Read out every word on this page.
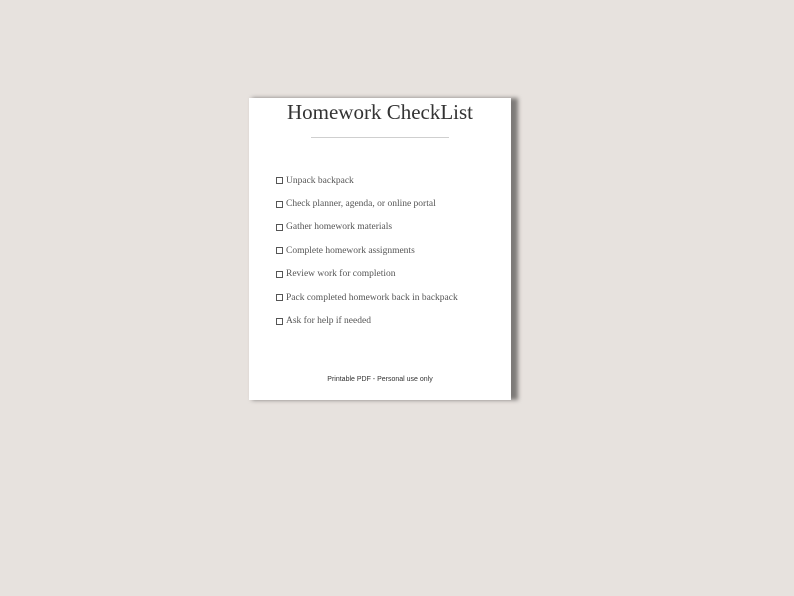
Homework CheckList
Unpack backpack
Check planner, agenda, or online portal
Gather homework materials
Complete homework assignments
Review work for completion
Pack completed homework back in backpack
Ask for help if needed
Printable PDF - Personal use only
